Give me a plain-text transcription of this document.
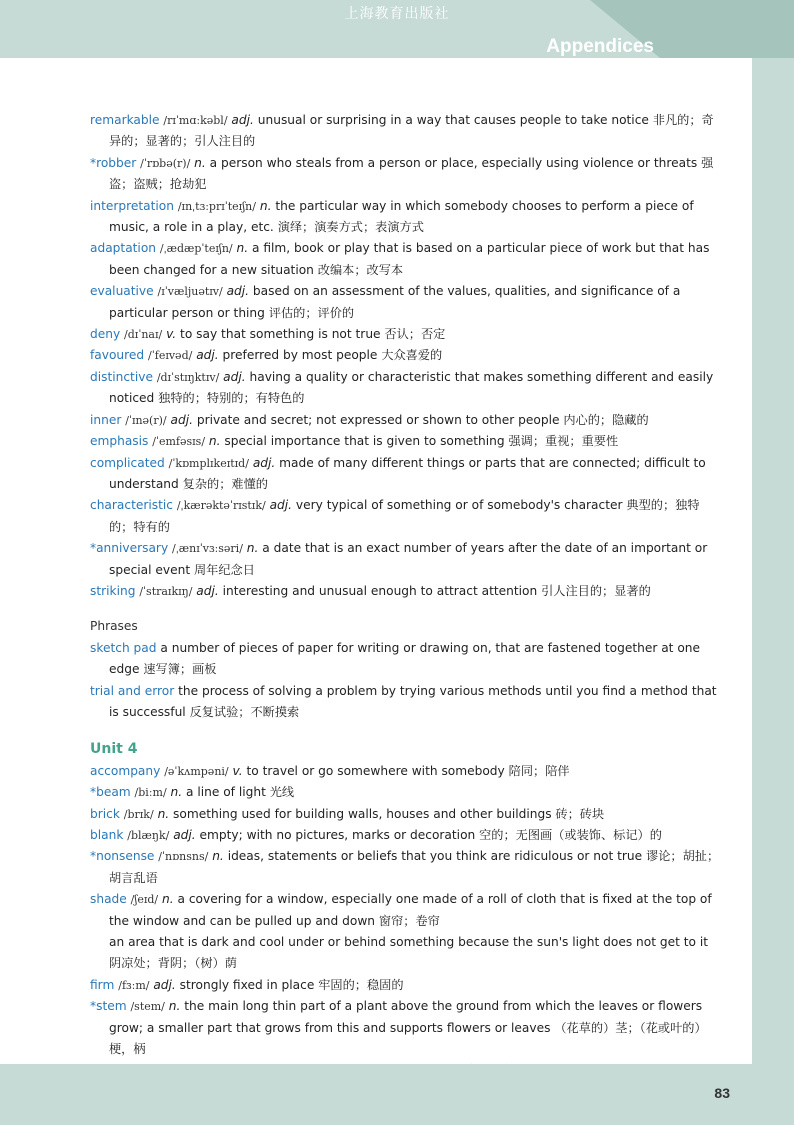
上海教育出版社
Appendices

remarkable /rɪˈmɑːkəbl/ adj. unusual or surprising in a way that causes people to take notice 非凡的；奇异的；显著的；引人注目的

*robber /ˈrɒbə(r)/ n. a person who steals from a person or place, especially using violence or threats 强盗；盗贼；抢劫犯

interpretation /ɪnˌtɜːprɪˈteɪʃn/ n. the particular way in which somebody chooses to perform a piece of music, a role in a play, etc. 演绎；演奏方式；表演方式

adaptation /ˌædæpˈteɪʃn/ n. a film, book or play that is based on a particular piece of work but that has been changed for a new situation 改编本；改写本

evaluative /ɪˈvæljuətɪv/ adj. based on an assessment of the values, qualities, and significance of a particular person or thing 评估的；评价的

deny /dɪˈnaɪ/ v. to say that something is not true 否认；否定

favoured /ˈfeɪvəd/ adj. preferred by most people 大众喜爱的

distinctive /dɪˈstɪŋktɪv/ adj. having a quality or characteristic that makes something different and easily noticed 独特的；特别的；有特色的

inner /ˈɪnə(r)/ adj. private and secret; not expressed or shown to other people 内心的；隐藏的

emphasis /ˈemfəsɪs/ n. special importance that is given to something 强调；重视；重要性

complicated /ˈkɒmplɪkeɪtɪd/ adj. made of many different things or parts that are connected; difficult to understand 复杂的；难懂的

characteristic /ˌkærəktəˈrɪstɪk/ adj. very typical of something or of somebody's character 典型的；独特的；特有的

*anniversary /ˌænɪˈvɜːsəri/ n. a date that is an exact number of years after the date of an important or special event 周年纪念日

striking /ˈstraɪkɪŋ/ adj. interesting and unusual enough to attract attention 引人注目的；显著的

Phrases

sketch pad a number of pieces of paper for writing or drawing on, that are fastened together at one edge 速写簿；画板

trial and error the process of solving a problem by trying various methods until you find a method that is successful 反复试验；不断摸索

Unit 4

accompany /əˈkʌmpəni/ v. to travel or go somewhere with somebody 陪同；陪伴

*beam /biːm/ n. a line of light 光线

brick /brɪk/ n. something used for building walls, houses and other buildings 砖；砖块

blank /blæŋk/ adj. empty; with no pictures, marks or decoration 空的；无图画（或装饰、标记）的

*nonsense /ˈnɒnsns/ n. ideas, statements or beliefs that you think are ridiculous or not true 谬论；胡扯；胡言乱语

shade /ʃeɪd/ n. a covering for a window, especially one made of a roll of cloth that is fixed at the top of the window and can be pulled up and down 窗帘；卷帘

an area that is dark and cool under or behind something because the sun's light does not get to it 阴凉处；背阴；（树）荫

firm /fɜːm/ adj. strongly fixed in place 牢固的；稳固的

*stem /stem/ n. the main long thin part of a plant above the ground from which the leaves or flowers grow; a smaller part that grows from this and supports flowers or leaves （花草的）茎；（花或叶的）梗，柄

83
